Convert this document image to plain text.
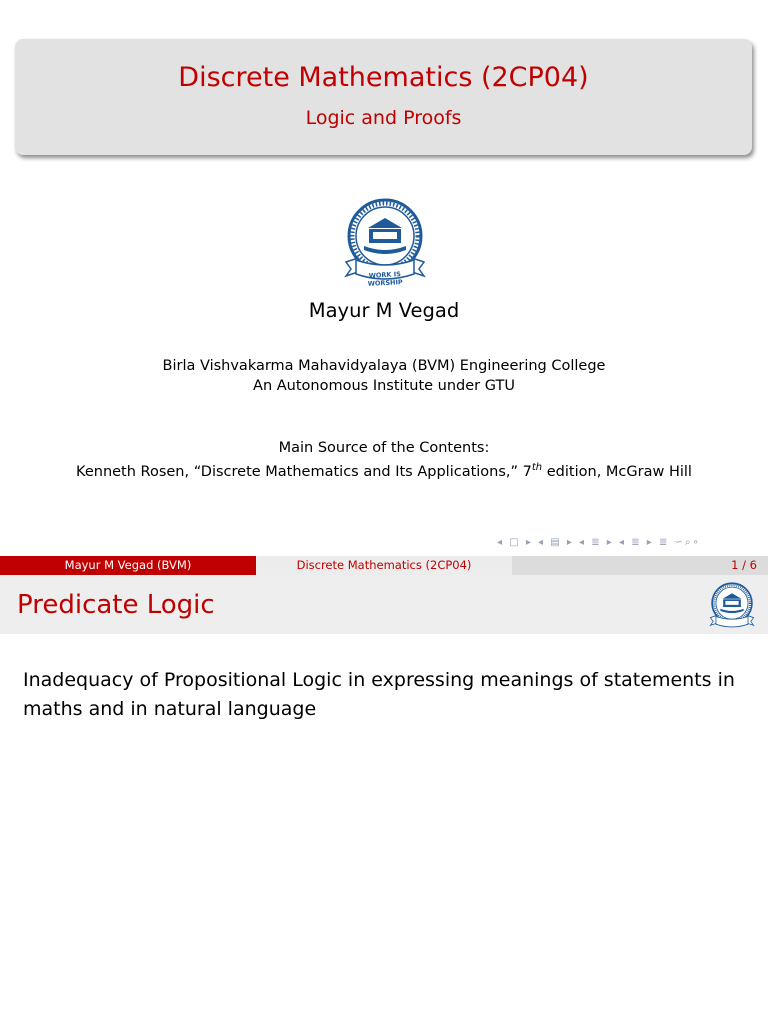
Discrete Mathematics (2CP04)
Logic and Proofs
WORK IS WORSHIP
Mayur M Vegad
Birla Vishvakarma Mahavidyalaya (BVM) Engineering College
An Autonomous Institute under GTU
Main Source of the Contents:
Kenneth Rosen, “Discrete Mathematics and Its Applications,” 7th edition, McGraw Hill
◂ □ ▸ ◂ ▤ ▸ ◂ ≣ ▸ ◂ ≣ ▸ ≣ ∽⌕∘
Mayur M Vegad (BVM)	Discrete Mathematics (2CP04)	1 / 6
Predicate Logic
Inadequacy of Propositional Logic in expressing meanings of statements in maths and in natural language
